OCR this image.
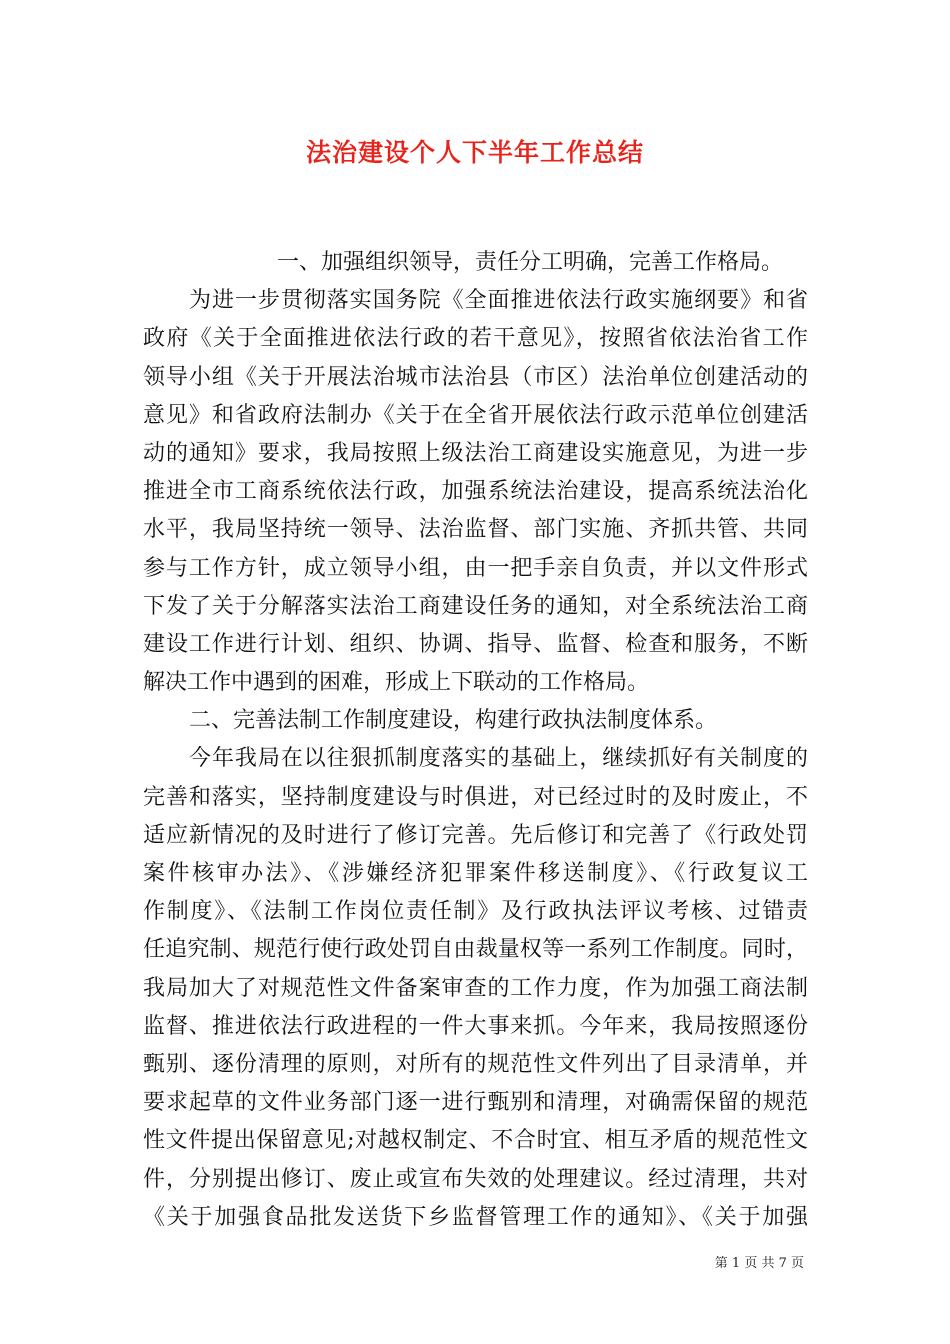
法治建设个人下半年工作总结
一、加强组织领导，责任分工明确，完善工作格局。
为进一步贯彻落实国务院《全面推进依法行政实施纲要》和省
政府《关于全面推进依法行政的若干意见》，按照省依法治省工作
领导小组《关于开展法治城市法治县（市区）法治单位创建活动的
意见》和省政府法制办《关于在全省开展依法行政示范单位创建活
动的通知》要求，我局按照上级法治工商建设实施意见，为进一步
推进全市工商系统依法行政，加强系统法治建设，提高系统法治化
水平，我局坚持统一领导、法治监督、部门实施、齐抓共管、共同
参与工作方针，成立领导小组，由一把手亲自负责，并以文件形式
下发了关于分解落实法治工商建设任务的通知，对全系统法治工商
建设工作进行计划、组织、协调、指导、监督、检查和服务，不断
解决工作中遇到的困难，形成上下联动的工作格局。
二、完善法制工作制度建设，构建行政执法制度体系。
今年我局在以往狠抓制度落实的基础上，继续抓好有关制度的
完善和落实，坚持制度建设与时俱进，对已经过时的及时废止，不
适应新情况的及时进行了修订完善。先后修订和完善了《行政处罚
案件核审办法》、《涉嫌经济犯罪案件移送制度》、《行政复议工
作制度》、《法制工作岗位责任制》及行政执法评议考核、过错责
任追究制、规范行使行政处罚自由裁量权等一系列工作制度。同时，
我局加大了对规范性文件备案审查的工作力度，作为加强工商法制
监督、推进依法行政进程的一件大事来抓。今年来，我局按照逐份
甄别、逐份清理的原则，对所有的规范性文件列出了目录清单，并
要求起草的文件业务部门逐一进行甄别和清理，对确需保留的规范
性文件提出保留意见;对越权制定、不合时宜、相互矛盾的规范性文
件，分别提出修订、废止或宣布失效的处理建议。经过清理，共对
《关于加强食品批发送货下乡监督管理工作的通知》、《关于加强
第 1 页 共 7 页
